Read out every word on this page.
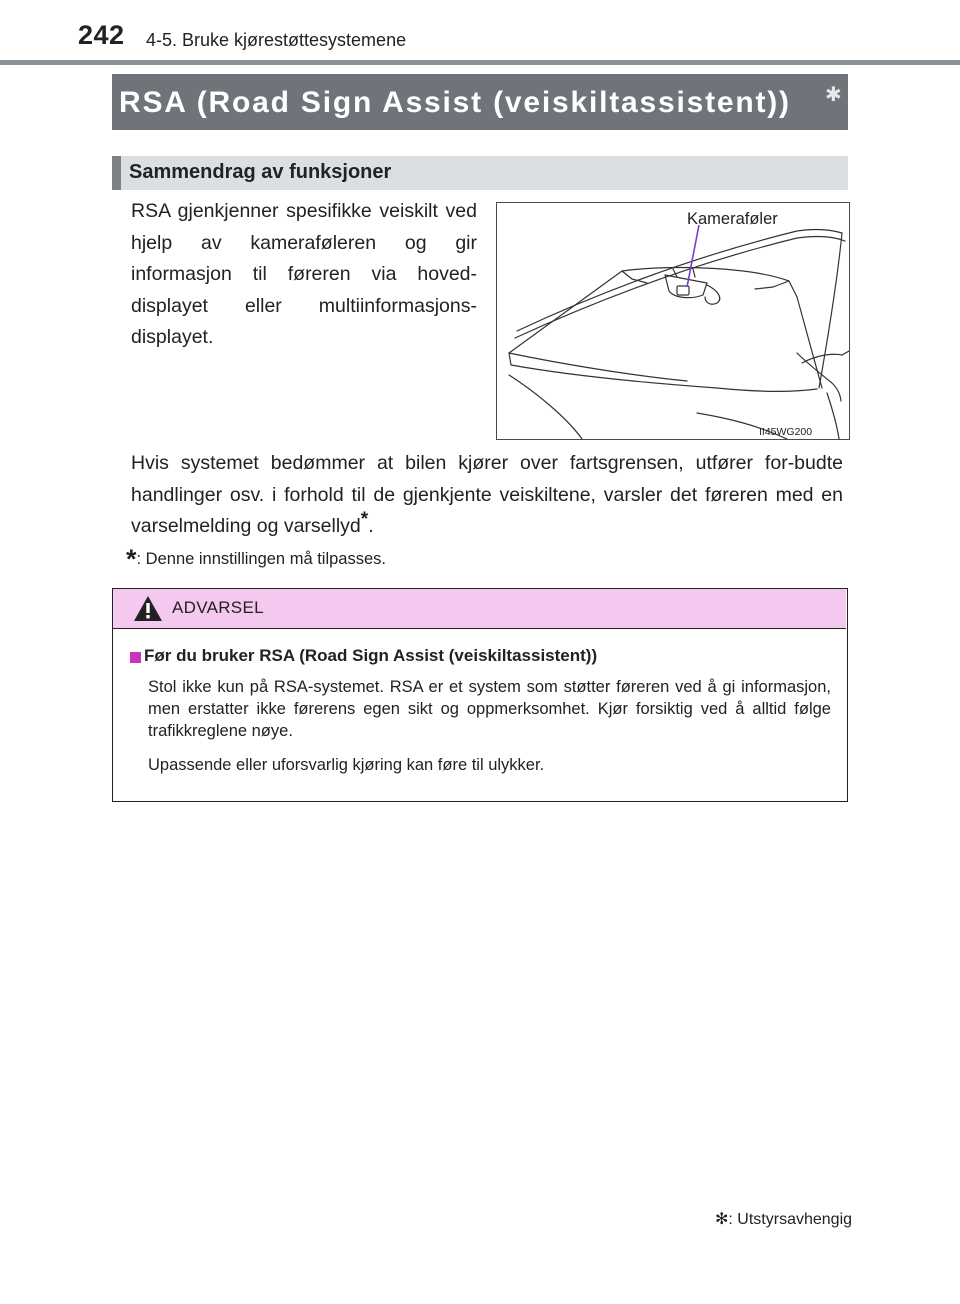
242 4-5. Bruke kjørestøttesystemene
RSA (Road Sign Assist (veiskiltassistent)) ✱
Sammendrag av funksjoner
RSA gjenkjenner spesifikke veiskilt ved hjelp av kameraføleren og gir informasjon til føreren via hoved-displayet eller multiinformasjons-displayet.
Kameraføler
II45WG200
Hvis systemet bedømmer at bilen kjører over fartsgrensen, utfører for-budte handlinger osv. i forhold til de gjenkjente veiskiltene, varsler det føreren med en varselmelding og varsellyd*.
*: Denne innstillingen må tilpasses.
ADVARSEL
Før du bruker RSA (Road Sign Assist (veiskiltassistent))
Stol ikke kun på RSA-systemet. RSA er et system som støtter føreren ved å gi informasjon, men erstatter ikke førerens egen sikt og oppmerksomhet. Kjør forsiktig ved å alltid følge trafikkreglene nøye.
Upassende eller uforsvarlig kjøring kan føre til ulykker.
✻: Utstyrsavhengig
